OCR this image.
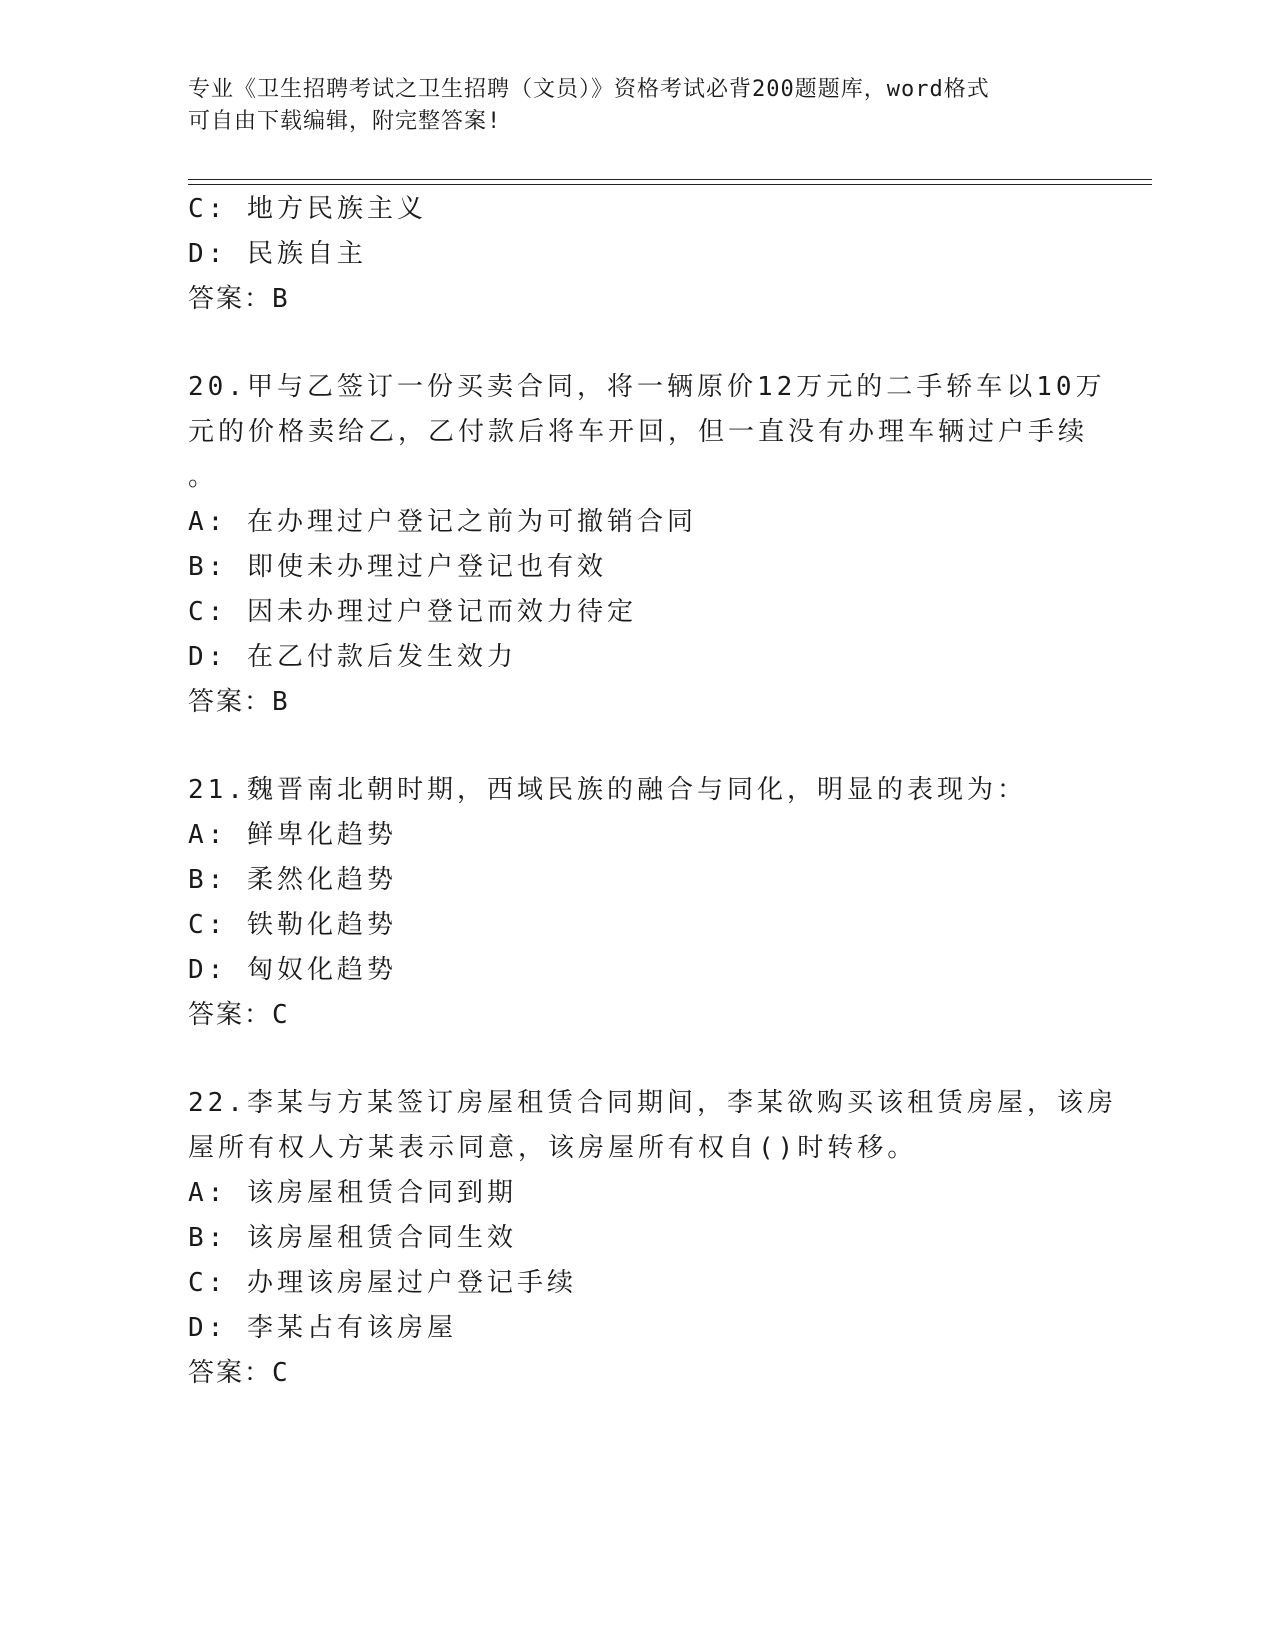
专业《卫生招聘考试之卫生招聘（文员）》资格考试必背200题题库，word格式
可自由下载编辑，附完整答案!
C: 地方民族主义
D: 民族自主
答案：B
20.甲与乙签订一份买卖合同，将一辆原价12万元的二手轿车以10万
元的价格卖给乙，乙付款后将车开回，但一直没有办理车辆过户手续
。
A: 在办理过户登记之前为可撤销合同
B: 即使未办理过户登记也有效
C: 因未办理过户登记而效力待定
D: 在乙付款后发生效力
答案：B
21.魏晋南北朝时期，西域民族的融合与同化，明显的表现为：
A: 鲜卑化趋势
B: 柔然化趋势
C: 铁勒化趋势
D: 匈奴化趋势
答案：C
22.李某与方某签订房屋租赁合同期间，李某欲购买该租赁房屋，该房
屋所有权人方某表示同意，该房屋所有权自()时转移。
A: 该房屋租赁合同到期
B: 该房屋租赁合同生效
C: 办理该房屋过户登记手续
D: 李某占有该房屋
答案：C
